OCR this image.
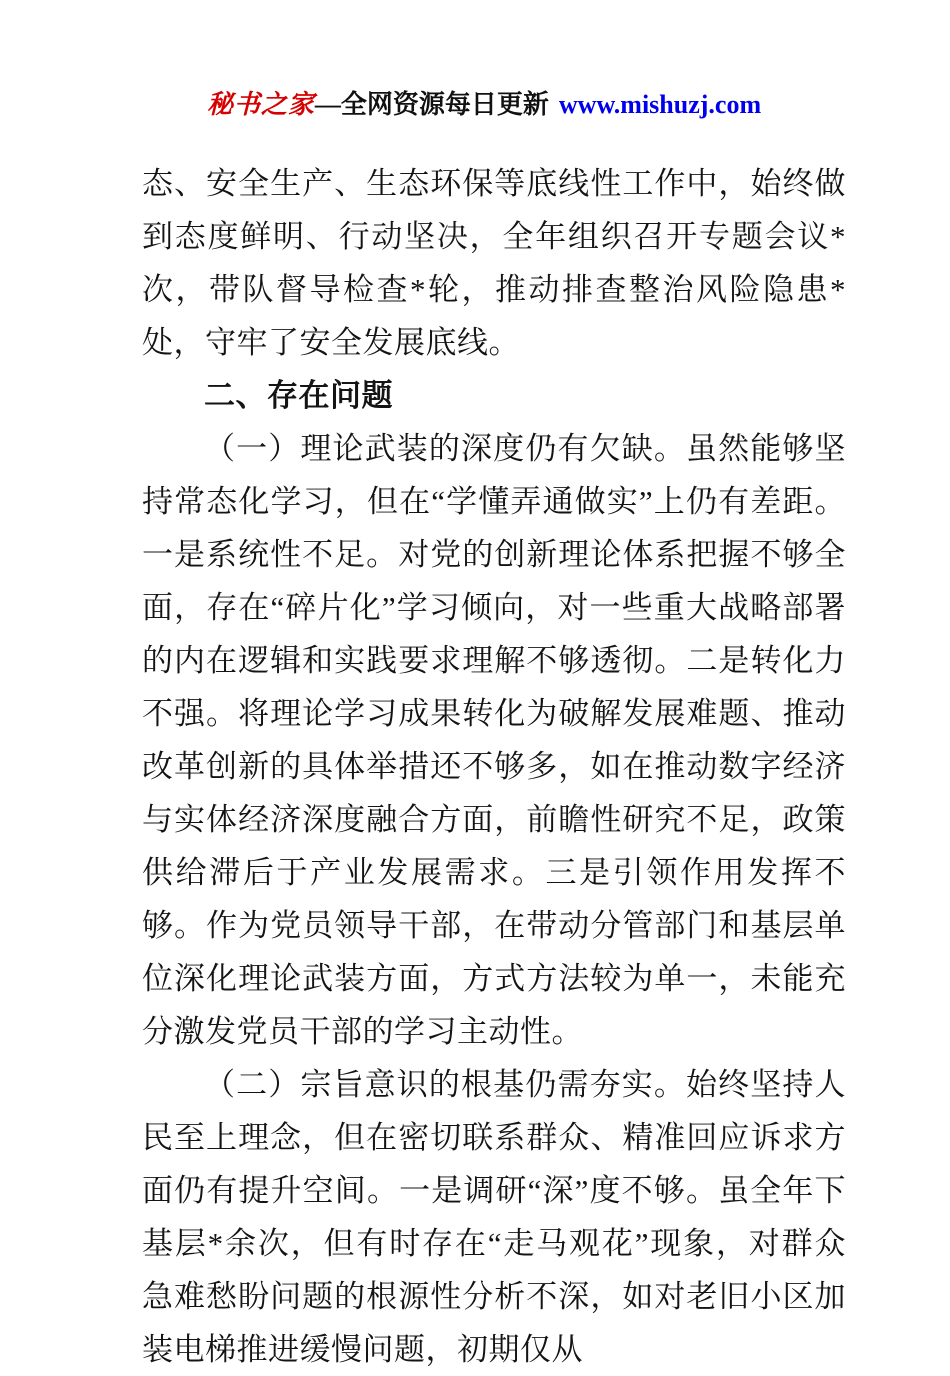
秘书之家—全网资源每日更新 www.mishuzj.com

态、安全生产、生态环保等底线性工作中，始终做到态度鲜明、行动坚决，全年组织召开专题会议*次，带队督导检查*轮，推动排查整治风险隐患*处，守牢了安全发展底线。

二、存在问题

（一）理论武装的深度仍有欠缺。虽然能够坚持常态化学习，但在“学懂弄通做实”上仍有差距。一是系统性不足。对党的创新理论体系把握不够全面，存在“碎片化”学习倾向，对一些重大战略部署的内在逻辑和实践要求理解不够透彻。二是转化力不强。将理论学习成果转化为破解发展难题、推动改革创新的具体举措还不够多，如在推动数字经济与实体经济深度融合方面，前瞻性研究不足，政策供给滞后于产业发展需求。三是引领作用发挥不够。作为党员领导干部，在带动分管部门和基层单位深化理论武装方面，方式方法较为单一，未能充分激发党员干部的学习主动性。

（二）宗旨意识的根基仍需夯实。始终坚持人民至上理念，但在密切联系群众、精准回应诉求方面仍有提升空间。一是调研“深”度不够。虽全年下基层*余次，但有时存在“走马观花”现象，对群众急难愁盼问题的根源性分析不深，如对老旧小区加装电梯推进缓慢问题，初期仅从
